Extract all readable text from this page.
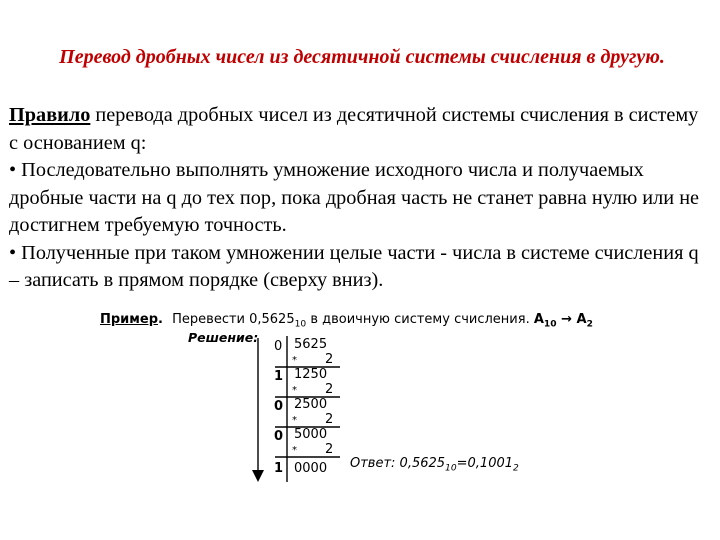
Перевод дробных чисел из десятичной системы счисления в другую.

Правило перевода дробных чисел из десятичной системы счисления в систему с основанием q:

• Последовательно выполнять умножение исходного числа и получаемых дробные части на q до тех пор, пока дробная часть не станет равна нулю или не достигнем требуемую точность.

• Полученные при таком умножении целые части - числа в системе счисления q – записать в прямом порядке (сверху вниз).

Пример. Перевести $0,5625_{10}$ в двоичную систему счисления. $A_{10} \to A_2$
Решение:
0 5625
* 2
1 1250
* 2
0 2500
* 2
0 5000
* 2
1 0000 Ответ: $0,5625_{10}=0,1001_2$
